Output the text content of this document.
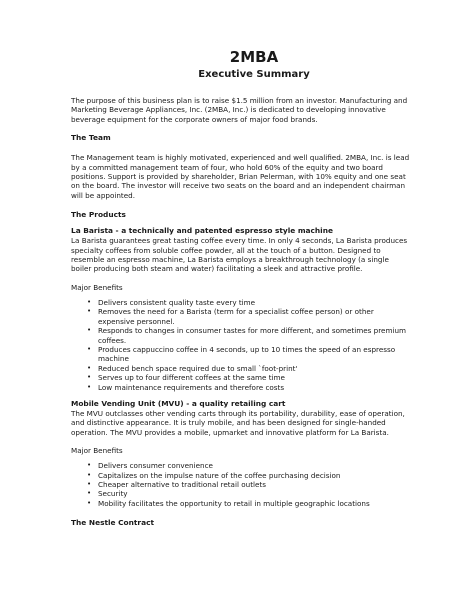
2MBA
Executive Summary

The purpose of this business plan is to raise $1.5 million from an investor. Manufacturing and Marketing Beverage Appliances, Inc. (2MBA, Inc.) is dedicated to developing innovative beverage equipment for the corporate owners of major food brands.

The Team

The Management team is highly motivated, experienced and well qualified. 2MBA, Inc. is lead by a committed management team of four, who hold 60% of the equity and two board positions. Support is provided by shareholder, Brian Pelerman, with 10% equity and one seat on the board. The investor will receive two seats on the board and an independent chairman will be appointed.

The Products
La Barista - a technically and patented espresso style machine

La Barista guarantees great tasting coffee every time. In only 4 seconds, La Barista produces specialty coffees from soluble coffee powder, all at the touch of a button. Designed to resemble an espresso machine, La Barista employs a breakthrough technology (a single boiler producing both steam and water) facilitating a sleek and attractive profile.

Major Benefits

• Delivers consistent quality taste every time
• Removes the need for a Barista (term for a specialist coffee person) or other expensive personnel.
• Responds to changes in consumer tastes for more different, and sometimes premium coffees.
• Produces cappuccino coffee in 4 seconds, up to 10 times the speed of an espresso machine
• Reduced bench space required due to small `foot-print'
• Serves up to four different coffees at the same time
• Low maintenance requirements and therefore costs
Mobile Vending Unit (MVU) - a quality retailing cart

The MVU outclasses other vending carts through its portability, durability, ease of operation, and distinctive appearance. It is truly mobile, and has been designed for single-handed operation. The MVU provides a mobile, upmarket and innovative platform for La Barista.

Major Benefits

• Delivers consumer convenience
• Capitalizes on the impulse nature of the coffee purchasing decision
• Cheaper alternative to traditional retail outlets
• Security
• Mobility facilitates the opportunity to retail in multiple geographic locations
The Nestle Contract
